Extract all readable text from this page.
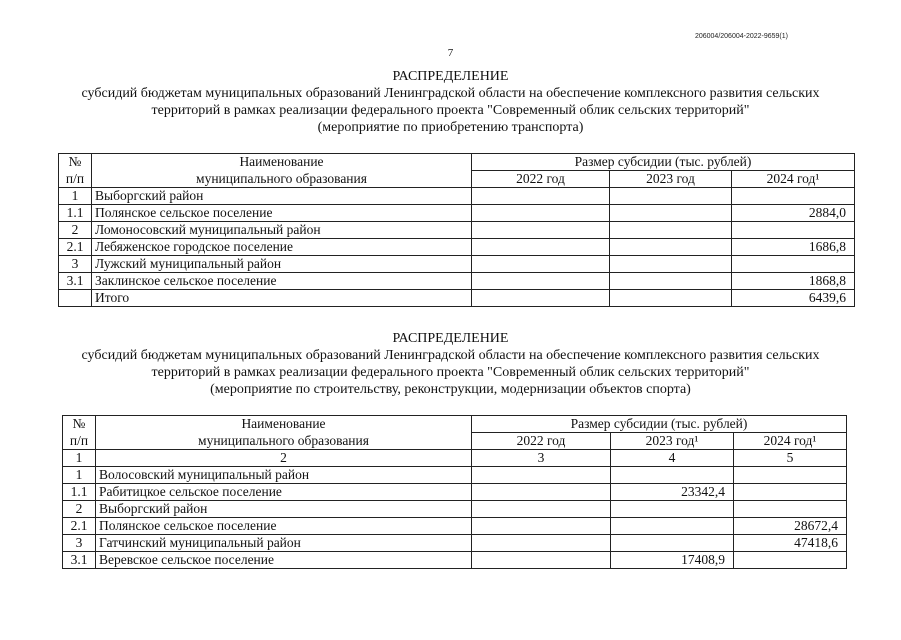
206004/206004-2022-9659(1)
7
РАСПРЕДЕЛЕНИЕ
субсидий бюджетам муниципальных образований Ленинградской области на обеспечение комплексного развития сельских
территорий в рамках реализации федерального проекта "Современный облик сельских территорий"
(мероприятие по приобретению транспорта)
№	Наименование	Размер субсидии (тыс. рублей)		
п/п	муниципального образования	2022 год	2023 год	2024 год¹
1	Выборгский район			
1.1	Полянское сельское поселение			2884,0
2	Ломоносовский муниципальный район			
2.1	Лебяженское городское поселение			1686,8
3	Лужский муниципальный район			
3.1	Заклинское сельское поселение			1868,8
	Итого			6439,6
РАСПРЕДЕЛЕНИЕ
субсидий бюджетам муниципальных образований Ленинградской области на обеспечение комплексного развития сельских
территорий в рамках реализации федерального проекта "Современный облик сельских территорий"
(мероприятие по строительству, реконструкции, модернизации объектов спорта)
№	Наименование	Размер субсидии (тыс. рублей)		
п/п	муниципального образования	2022 год	2023 год¹	2024 год¹
1	2	3	4	5
1	Волосовский муниципальный район			
1.1	Рабитицкое сельское поселение		23342,4	
2	Выборгский район			
2.1	Полянское сельское поселение			28672,4
3	Гатчинский муниципальный район			47418,6
3.1	Веревское сельское поселение		17408,9	
